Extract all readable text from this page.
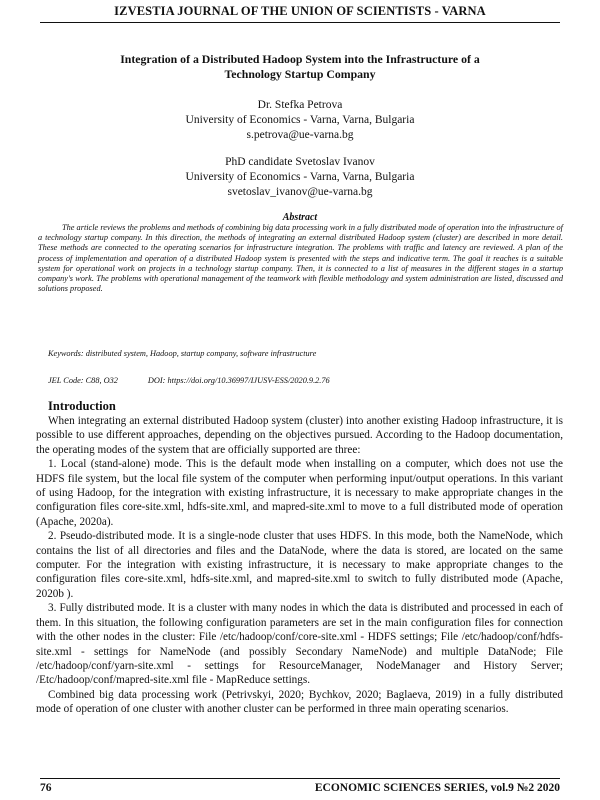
IZVESTIA JOURNAL OF THE UNION OF SCIENTISTS - VARNA
Integration of a Distributed Hadoop System into the Infrastructure of a
Technology Startup Company
Dr. Stefka Petrova
University of Economics - Varna, Varna, Bulgaria
s.petrova@ue-varna.bg
PhD candidate Svetoslav Ivanov
University of Economics - Varna, Varna, Bulgaria
svetoslav_ivanov@ue-varna.bg
Abstract

The article reviews the problems and methods of combining big data processing work in a fully distributed mode of operation into the infrastructure of a technology startup company. In this direction, the methods of integrating an external distributed Hadoop system (cluster) are described in more detail. These methods are connected to the operating scenarios for infrastructure integration. The problems with traffic and latency are reviewed. A plan of the process of implementation and operation of a distributed Hadoop system is presented with the steps and indicative term. The goal it reaches is a suitable system for operational work on projects in a technology startup company. Then, it is connected to a list of measures in the different stages in a startup company's work. The problems with operational management of the teamwork with flexible methodology and system administration are listed, discussed and solutions proposed.

Keywords: distributed system, Hadoop, startup company, software infrastructure
JEL Code: C88, O32	DOI: https://doi.org/10.36997/IJUSV-ESS/2020.9.2.76
Introduction

When integrating an external distributed Hadoop system (cluster) into another existing Hadoop infrastructure, it is possible to use different approaches, depending on the objectives pursued. According to the Hadoop documentation, the operating modes of the system that are officially supported are three:

1. Local (stand-alone) mode. This is the default mode when installing on a computer, which does not use the HDFS file system, but the local file system of the computer when performing input/output operations. In this variant of using Hadoop, for the integration with existing infrastructure, it is necessary to make appropriate changes in the configuration files core-site.xml, hdfs-site.xml, and mapred-site.xml to move to a full distributed mode of operation (Apache, 2020a).

2. Pseudo-distributed mode. It is a single-node cluster that uses HDFS. In this mode, both the NameNode, which contains the list of all directories and files and the DataNode, where the data is stored, are located on the same computer. For the integration with existing infrastructure, it is necessary to make appropriate changes to the configuration files core-site.xml, hdfs-site.xml, and mapred-site.xml to switch to fully distributed mode (Apache, 2020b ).

3. Fully distributed mode. It is a cluster with many nodes in which the data is distributed and processed in each of them. In this situation, the following configuration parameters are set in the main configuration files for connection with the other nodes in the cluster: File /etc/hadoop/conf/core-site.xml - HDFS settings; File /etc/hadoop/conf/hdfs-site.xml - settings for NameNode (and possibly Secondary NameNode) and multiple DataNode; File /etc/hadoop/conf/yarn-site.xml - settings for ResourceManager, NodeManager and History Server; /Etc/hadoop/conf/mapred-site.xml file - MapReduce settings.

Combined big data processing work (Petrivskyi, 2020; Bychkov, 2020; Baglaeva, 2019) in a fully distributed mode of operation of one cluster with another cluster can be performed in three main operating scenarios.

76	ECONOMIC SCIENCES SERIES, vol.9 №2 2020
